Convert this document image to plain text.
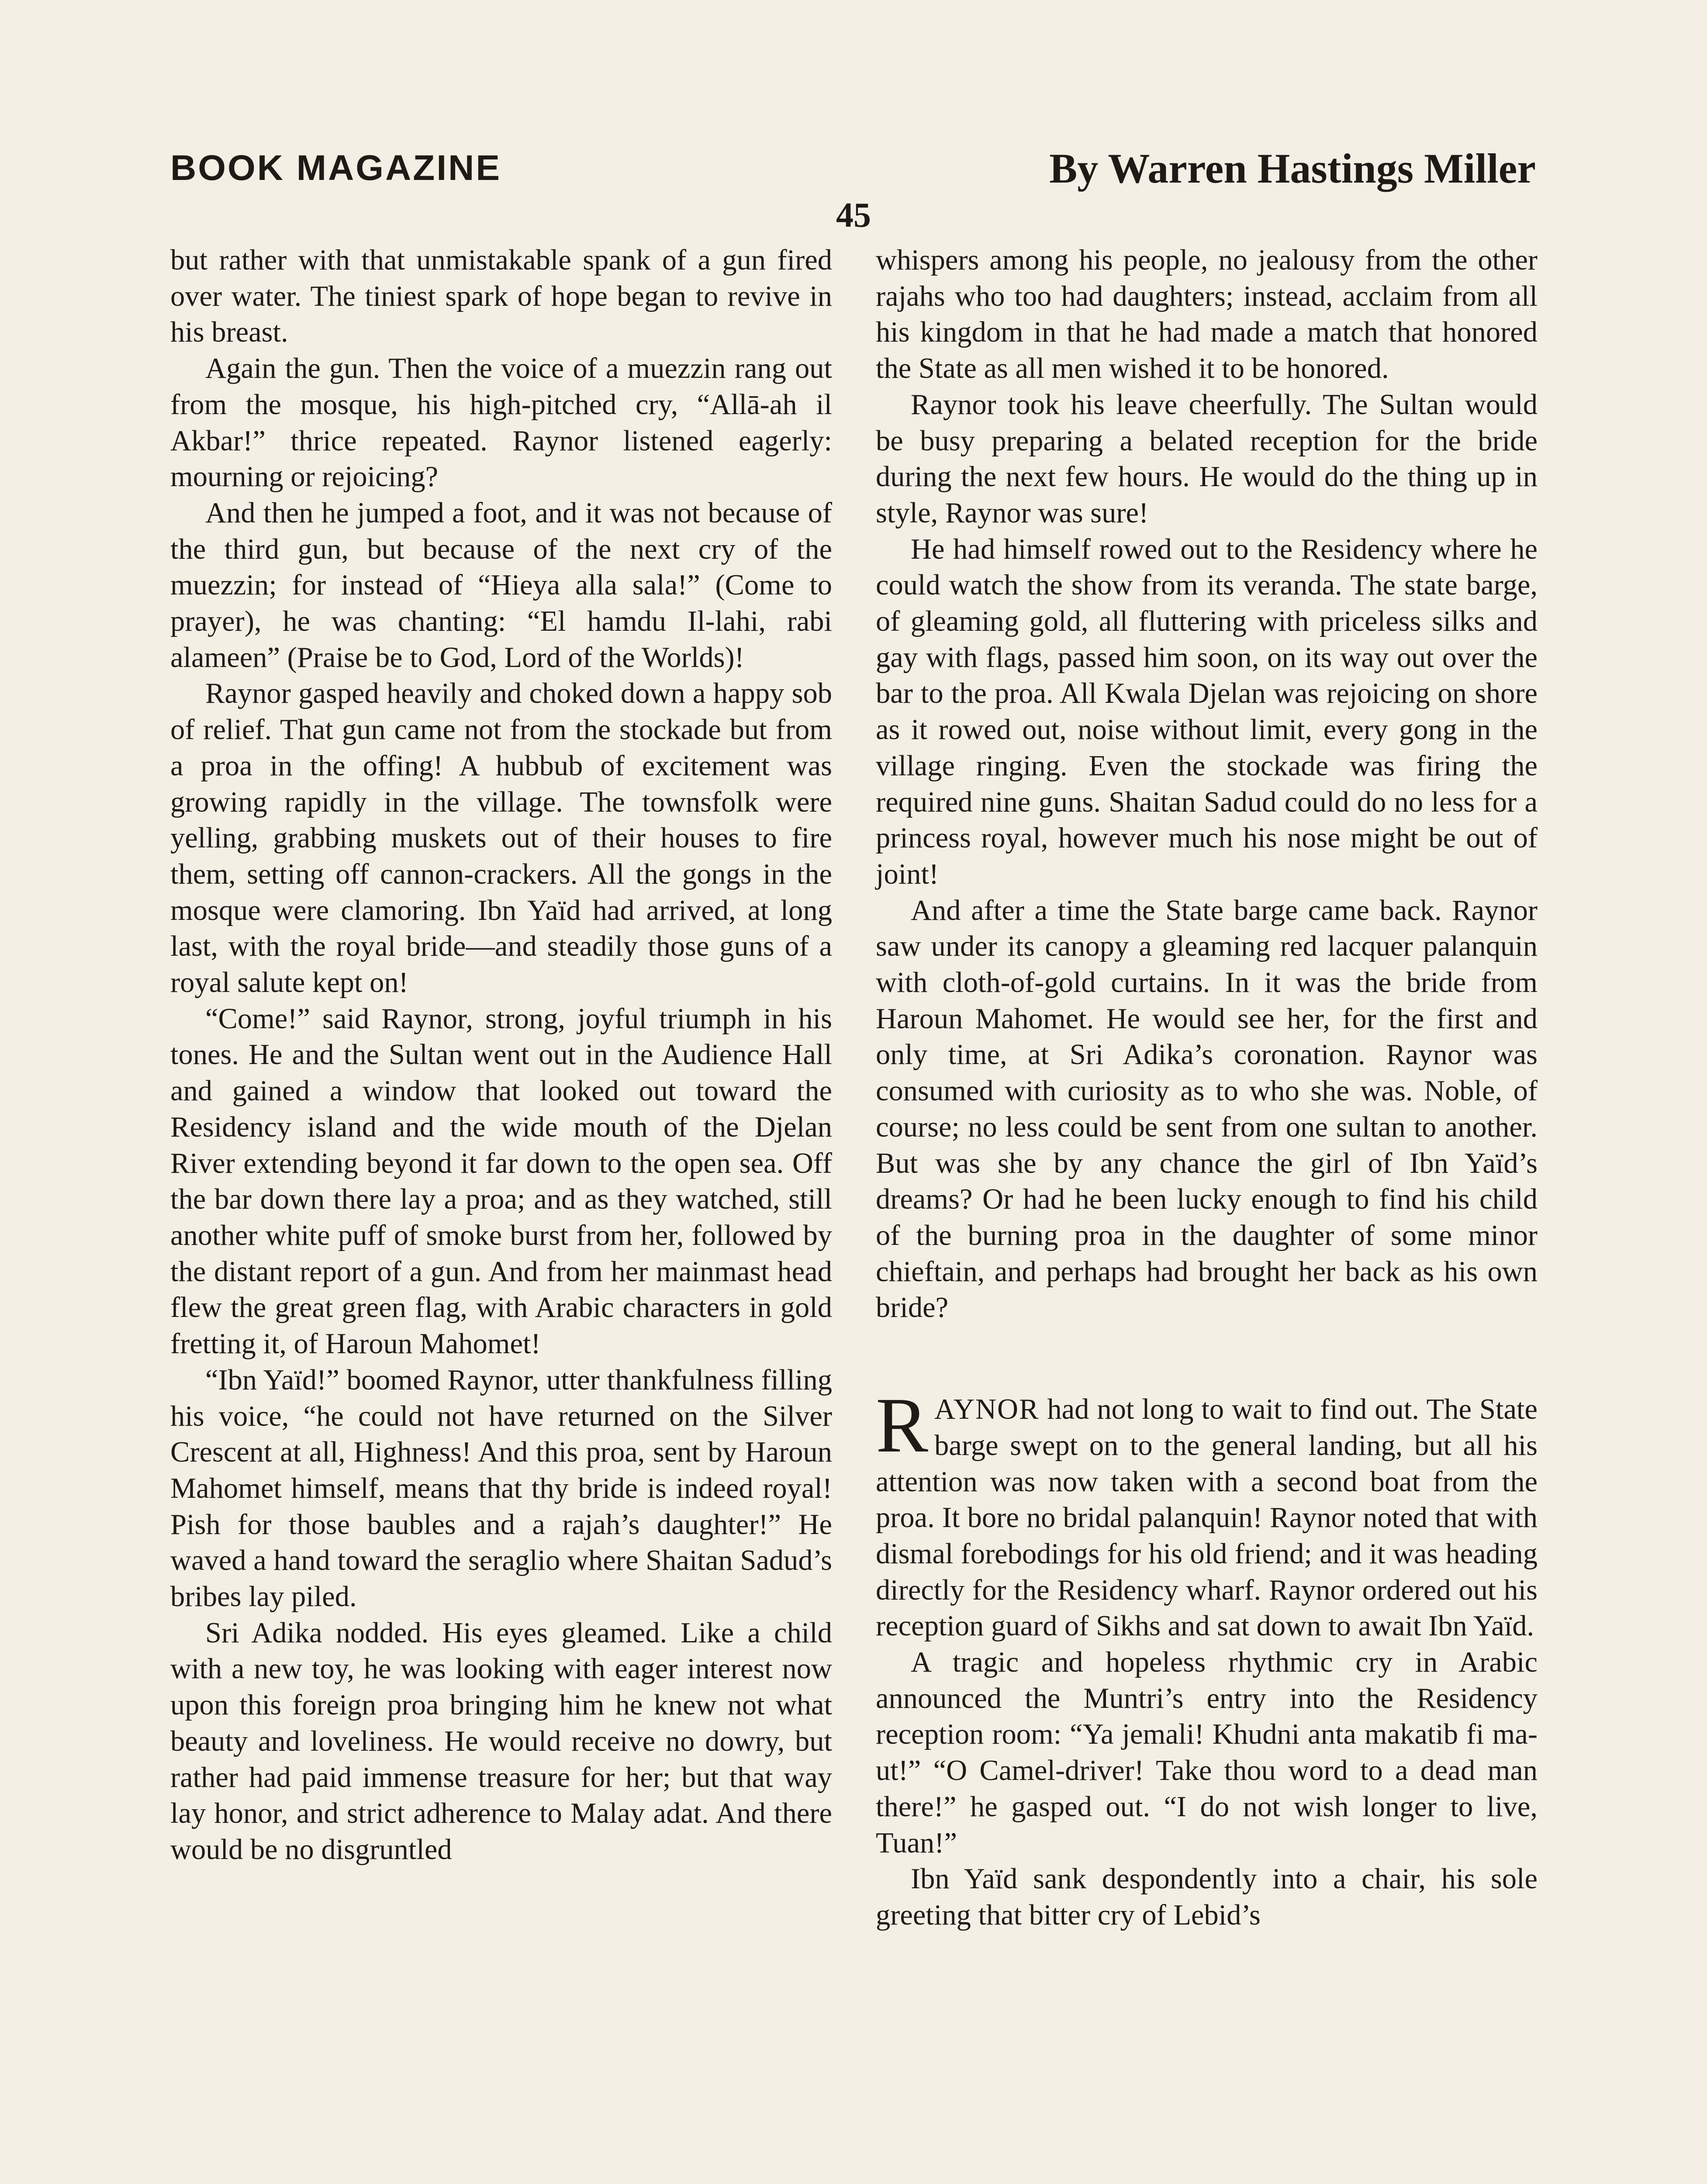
BOOK MAGAZINE	By Warren Hastings Miller
45

but rather with that unmistakable spank of a gun fired over water. The tiniest spark of hope began to revive in his breast.

Again the gun. Then the voice of a muezzin rang out from the mosque, his high-pitched cry, “Allā-ah il Akbar!” thrice repeated. Raynor listened eagerly: mourning or rejoicing?

And then he jumped a foot, and it was not because of the third gun, but because of the next cry of the muezzin; for instead of “Hieya alla sala!” (Come to prayer), he was chanting: “El hamdu Il-lahi, rabi alameen” (Praise be to God, Lord of the Worlds)!

Raynor gasped heavily and choked down a happy sob of relief. That gun came not from the stockade but from a proa in the offing! A hubbub of excitement was growing rapidly in the village. The townsfolk were yelling, grabbing muskets out of their houses to fire them, setting off cannon-crackers. All the gongs in the mosque were clamoring. Ibn Yaïd had arrived, at long last, with the royal bride—and steadily those guns of a royal salute kept on!

“Come!” said Raynor, strong, joyful triumph in his tones. He and the Sultan went out in the Audience Hall and gained a window that looked out toward the Residency island and the wide mouth of the Djelan River extending beyond it far down to the open sea. Off the bar down there lay a proa; and as they watched, still another white puff of smoke burst from her, followed by the distant report of a gun. And from her mainmast head flew the great green flag, with Arabic characters in gold fretting it, of Haroun Mahomet!

“Ibn Yaïd!” boomed Raynor, utter thankfulness filling his voice, “he could not have returned on the Silver Crescent at all, Highness! And this proa, sent by Haroun Mahomet himself, means that thy bride is indeed royal! Pish for those baubles and a rajah’s daughter!” He waved a hand toward the seraglio where Shaitan Sadud’s bribes lay piled.

Sri Adika nodded. His eyes gleamed. Like a child with a new toy, he was looking with eager interest now upon this foreign proa bringing him he knew not what beauty and loveliness. He would receive no dowry, but rather had paid immense treasure for her; but that way lay honor, and strict adherence to Malay adat. And there would be no disgruntled

whispers among his people, no jealousy from the other rajahs who too had daughters; instead, acclaim from all his kingdom in that he had made a match that honored the State as all men wished it to be honored.

Raynor took his leave cheerfully. The Sultan would be busy preparing a belated reception for the bride during the next few hours. He would do the thing up in style, Raynor was sure!

He had himself rowed out to the Residency where he could watch the show from its veranda. The state barge, of gleaming gold, all fluttering with priceless silks and gay with flags, passed him soon, on its way out over the bar to the proa. All Kwala Djelan was rejoicing on shore as it rowed out, noise without limit, every gong in the village ringing. Even the stockade was firing the required nine guns. Shaitan Sadud could do no less for a princess royal, however much his nose might be out of joint!

And after a time the State barge came back. Raynor saw under its canopy a gleaming red lacquer palanquin with cloth-of-gold curtains. In it was the bride from Haroun Mahomet. He would see her, for the first and only time, at Sri Adika’s coronation. Raynor was consumed with curiosity as to who she was. Noble, of course; no less could be sent from one sultan to another. But was she by any chance the girl of Ibn Yaïd’s dreams? Or had he been lucky enough to find his child of the burning proa in the daughter of some minor chieftain, and perhaps had brought her back as his own bride?

RAYNOR had not long to wait to find out. The State barge swept on to the general landing, but all his attention was now taken with a second boat from the proa. It bore no bridal palanquin! Raynor noted that with dismal forebodings for his old friend; and it was heading directly for the Residency wharf. Raynor ordered out his reception guard of Sikhs and sat down to await Ibn Yaïd.

A tragic and hopeless rhythmic cry in Arabic announced the Muntri’s entry into the Residency reception room: “Ya jemali! Khudni anta makatib fi ma-ut!” “O Camel-driver! Take thou word to a dead man there!” he gasped out. “I do not wish longer to live, Tuan!”

Ibn Yaïd sank despondently into a chair, his sole greeting that bitter cry of Lebid’s
